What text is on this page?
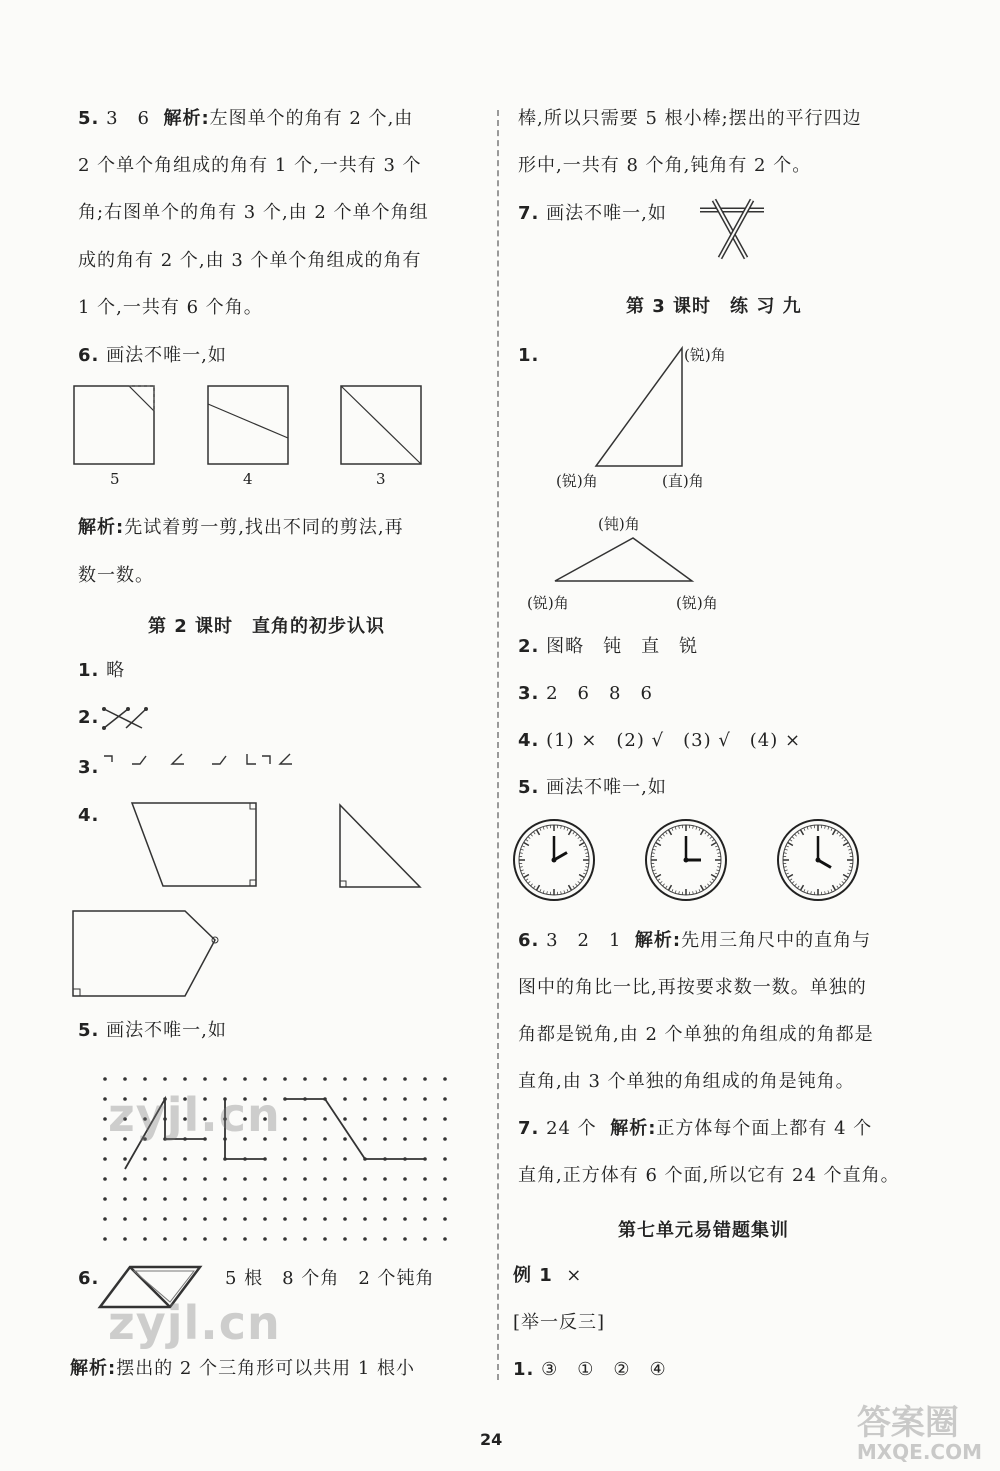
5. 3　6 解析:左图单个的角有 2 个,由
2 个单个角组成的角有 1 个,一共有 3 个
角;右图单个的角有 3 个,由 2 个单个角组
成的角有 2 个,由 3 个单个角组成的角有
1 个,一共有 6 个角。
6. 画法不唯一,如
5	4	3
解析:先试着剪一剪,找出不同的剪法,再
数一数。
第 2 课时　直角的初步认识
1. 略
2.
3.
4.
5. 画法不唯一,如
zyjl.cn
6.	5 根　8 个角　2 个钝角
zyjl.cn
解析:摆出的 2 个三角形可以共用 1 根小
棒,所以只需要 5 根小棒;摆出的平行四边
形中,一共有 8 个角,钝角有 2 个。
7. 画法不唯一,如
第 3 课时　练 习 九
1.	(锐)角
(锐)角	(直)角
(钝)角
(锐)角	(锐)角
2. 图略　钝　直　锐
3. 2　6　8　6
4. (1) ×　(2) √　(3) √　(4) ×
5. 画法不唯一,如
6. 3　2　1 解析:先用三角尺中的直角与
图中的角比一比,再按要求数一数。单独的
角都是锐角,由 2 个单独的角组成的角都是
直角,由 3 个单独的角组成的角是钝角。
7. 24 个 解析:正方体每个面上都有 4 个
直角,正方体有 6 个面,所以它有 24 个直角。
第七单元易错题集训
例 1 ×
[举一反三]
1. ③　①　②　④
24	答案圈
MXQE.COM
